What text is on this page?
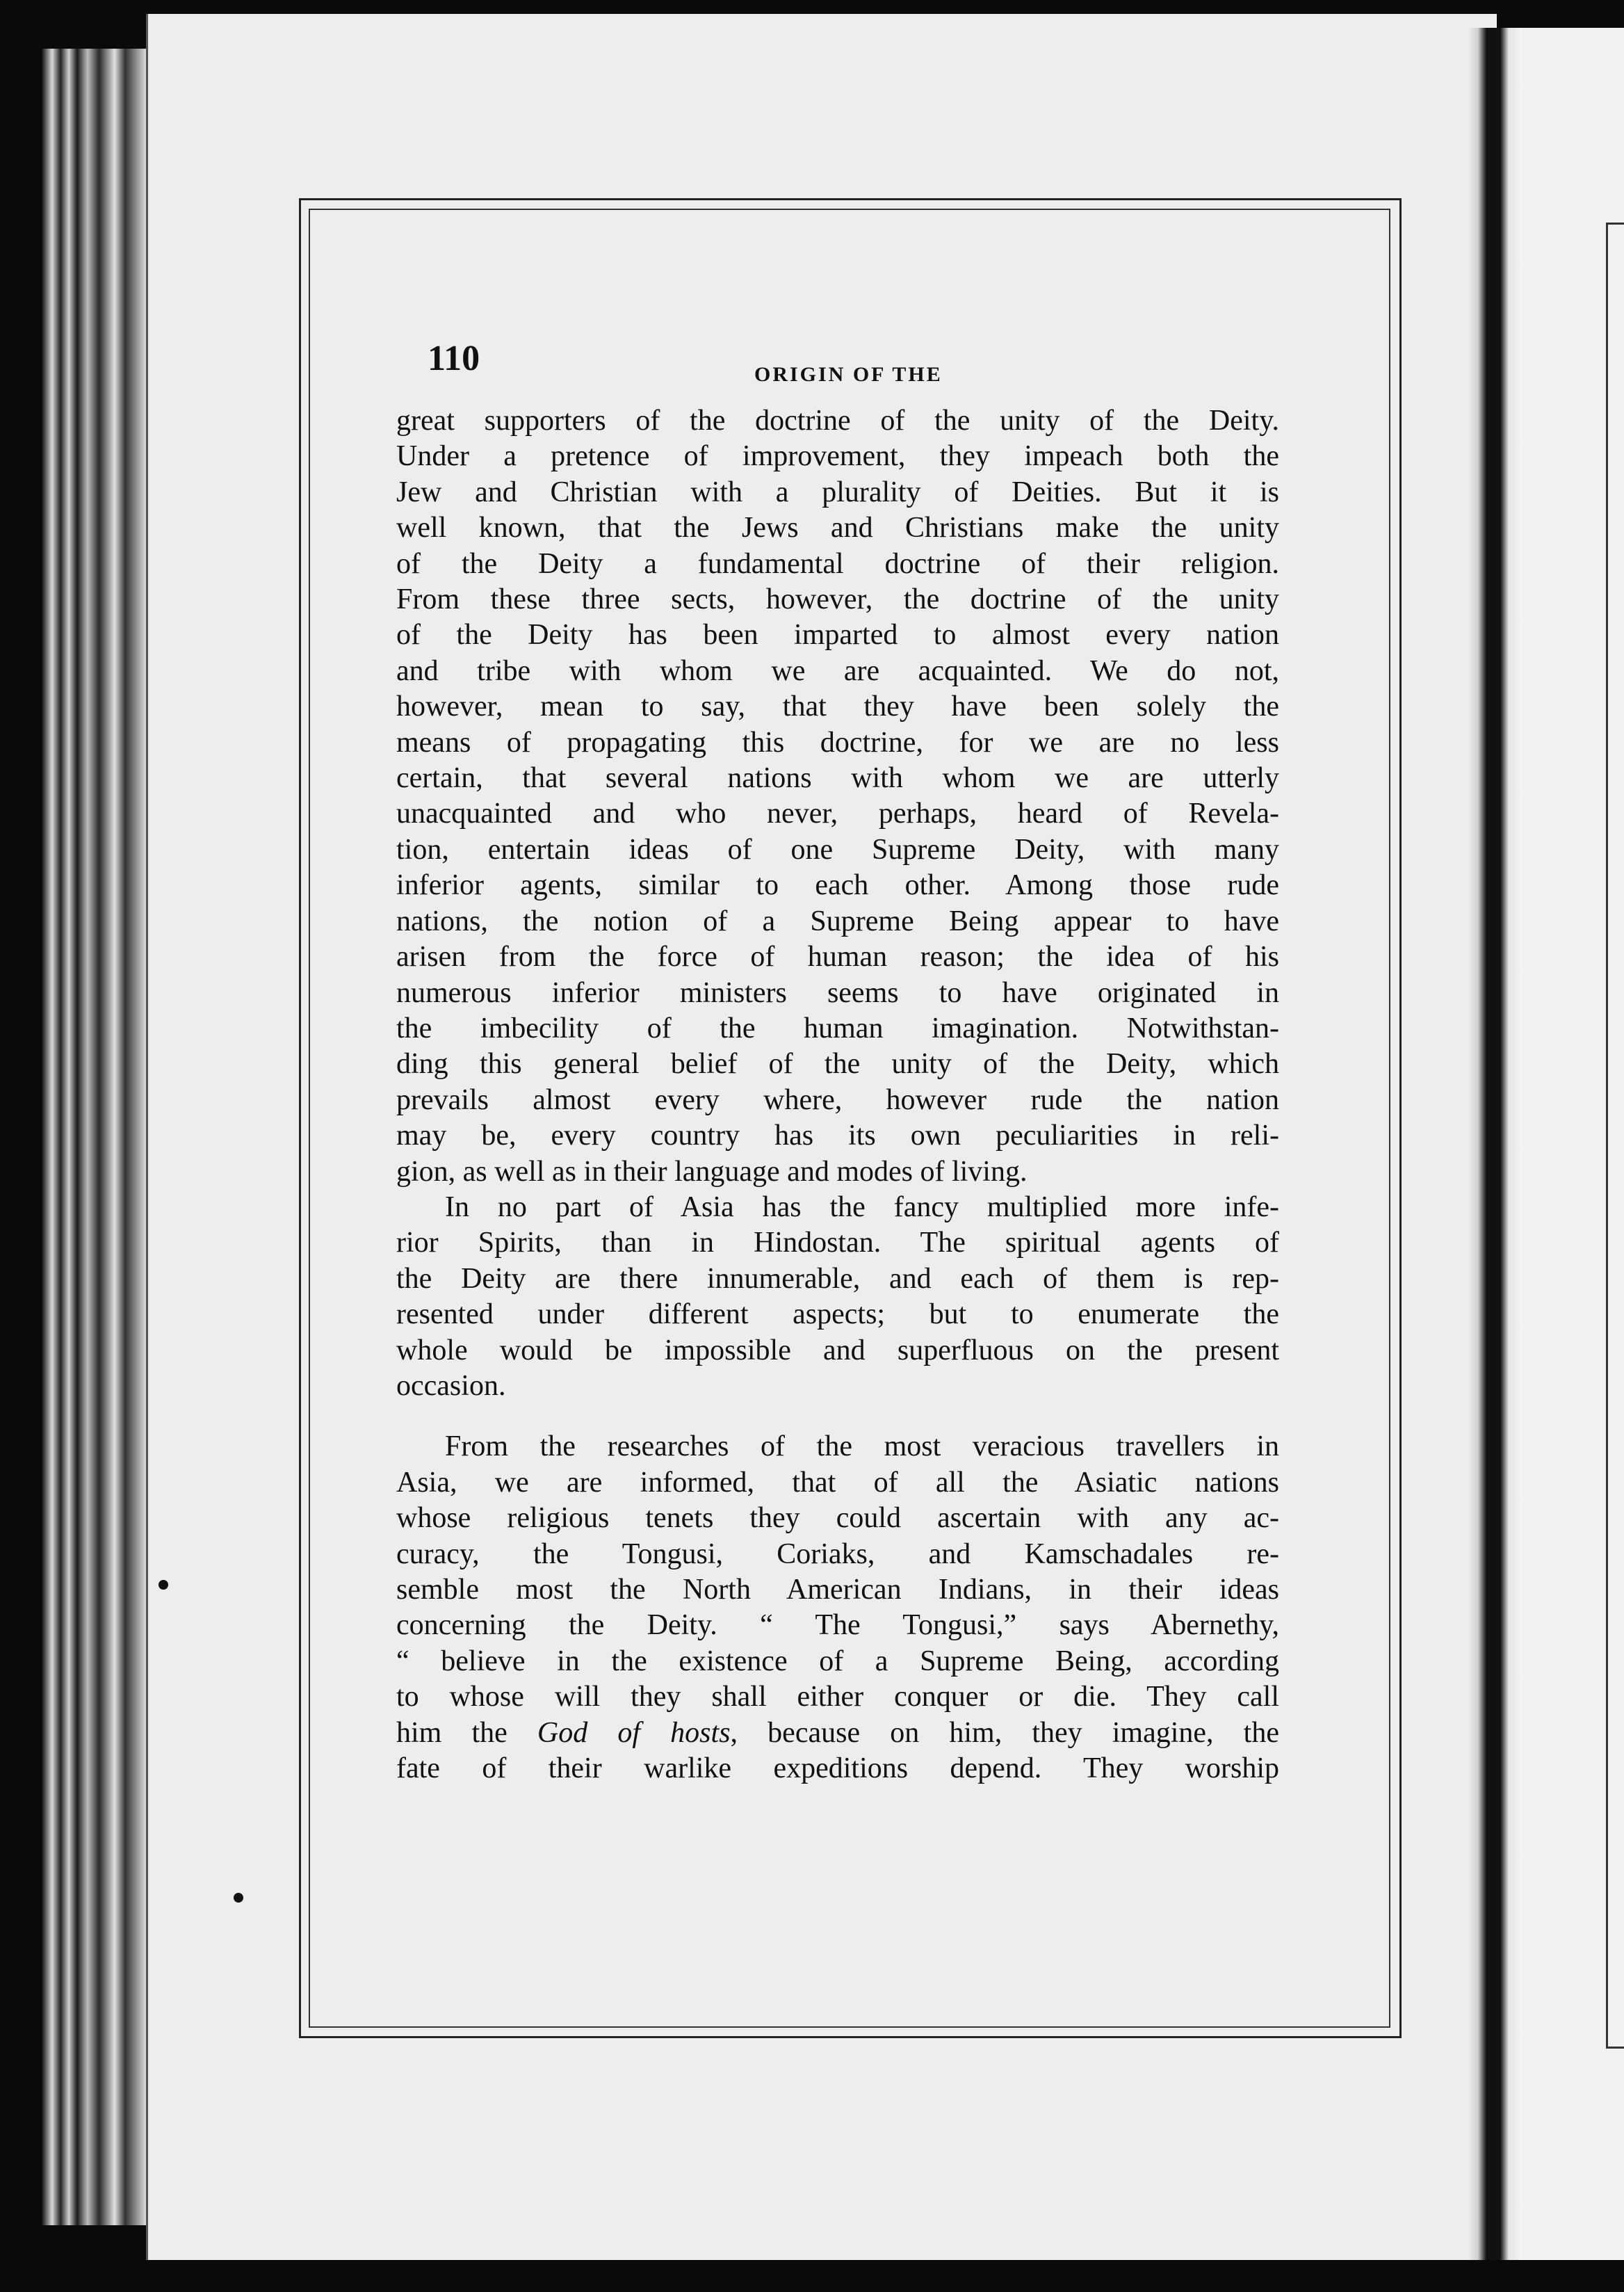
110	ORIGIN OF THE

great supporters of the doctrine of the unity of the Deity.
Under a pretence of improvement, they impeach both the
Jew and Christian with a plurality of Deities. But it is
well known, that the Jews and Christians make the unity
of the Deity a fundamental doctrine of their religion.
From these three sects, however, the doctrine of the unity
of the Deity has been imparted to almost every nation
and tribe with whom we are acquainted. We do not,
however, mean to say, that they have been solely the
means of propagating this doctrine, for we are no less
certain, that several nations with whom we are utterly
unacquainted and who never, perhaps, heard of Revela-
tion, entertain ideas of one Supreme Deity, with many
inferior agents, similar to each other. Among those rude
nations, the notion of a Supreme Being appear to have
arisen from the force of human reason; the idea of his
numerous inferior ministers seems to have originated in
the imbecility of the human imagination. Notwithstan-
ding this general belief of the unity of the Deity, which
prevails almost every where, however rude the nation
may be, every country has its own peculiarities in reli-
gion, as well as in their language and modes of living.

In no part of Asia has the fancy multiplied more infe-
rior Spirits, than in Hindostan. The spiritual agents of
the Deity are there innumerable, and each of them is rep-
resented under different aspects; but to enumerate the
whole would be impossible and superfluous on the present
occasion.

From the researches of the most veracious travellers in
Asia, we are informed, that of all the Asiatic nations
whose religious tenets they could ascertain with any ac-
curacy, the Tongusi, Coriaks, and Kamschadales re-
semble most the North American Indians, in their ideas
concerning the Deity. “ The Tongusi,” says Abernethy,
“ believe in the existence of a Supreme Being, according
to whose will they shall either conquer or die. They call
him the God of hosts, because on him, they imagine, the
fate of their warlike expeditions depend. They worship
